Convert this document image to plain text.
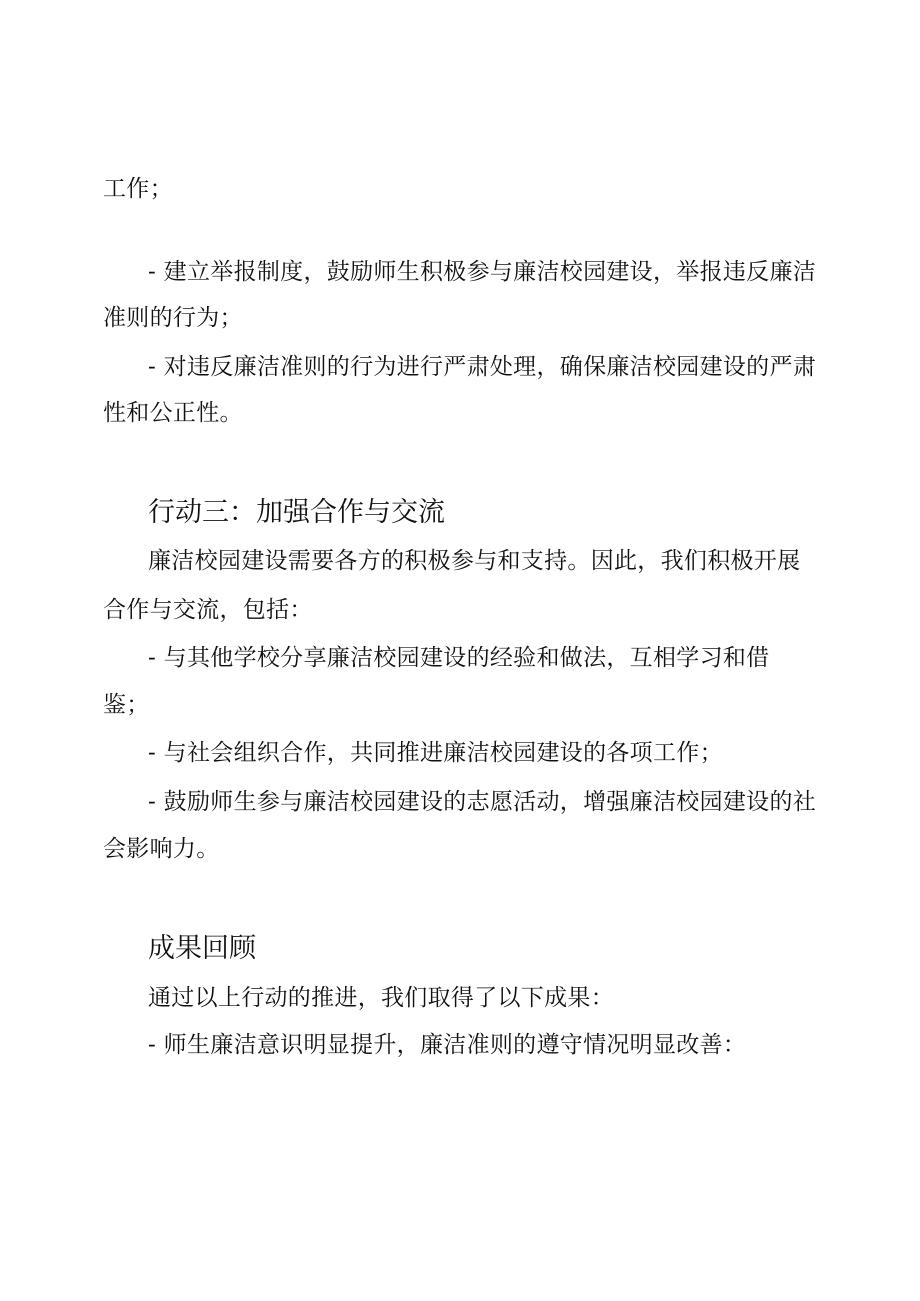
工作；
- 建立举报制度，鼓励师生积极参与廉洁校园建设，举报违反廉洁
准则的行为；
- 对违反廉洁准则的行为进行严肃处理，确保廉洁校园建设的严肃
性和公正性。
行动三：加强合作与交流
廉洁校园建设需要各方的积极参与和支持。因此，我们积极开展
合作与交流，包括：
- 与其他学校分享廉洁校园建设的经验和做法，互相学习和借
鉴；
- 与社会组织合作，共同推进廉洁校园建设的各项工作；
- 鼓励师生参与廉洁校园建设的志愿活动，增强廉洁校园建设的社
会影响力。
成果回顾
通过以上行动的推进，我们取得了以下成果：
- 师生廉洁意识明显提升，廉洁准则的遵守情况明显改善：
